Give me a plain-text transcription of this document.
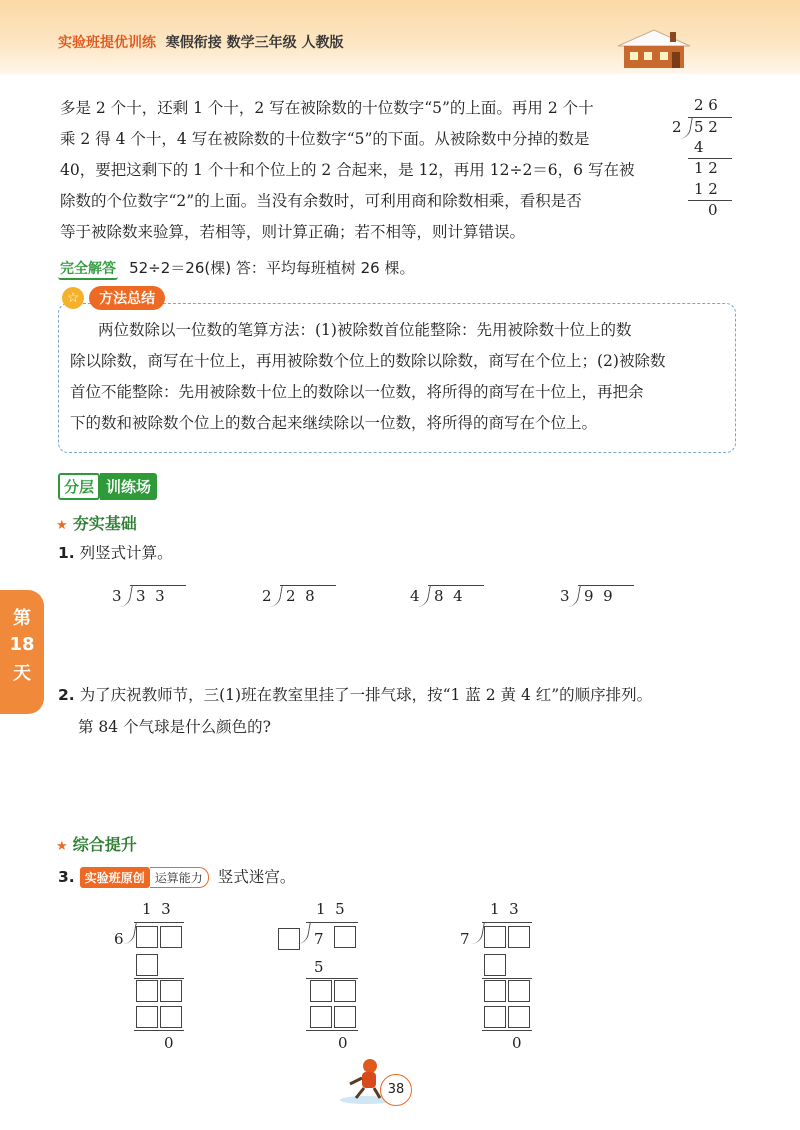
实验班提优训练 寒假衔接 数学三年级 人教版
多是 2 个十，还剩 1 个十，2 写在被除数的十位数字“5”的上面。再用 2 个十
乘 2 得 4 个十，4 写在被除数的十位数字“5”的下面。从被除数中分掉的数是
40，要把这剩下的 1 个十和个位上的 2 合起来，是 12，再用 12÷2＝6，6 写在被
除数的个位数字“2”的上面。当没有余数时，可利用商和除数相乘，看积是否
等于被除数来验算，若相等，则计算正确；若不相等，则计算错误。
2 6
2 5 2
4
1 2
1 2
0
完全解答 52÷2＝26(棵) 答：平均每班植树 26 棵。
☆ 方法总结
两位数除以一位数的笔算方法：(1)被除数首位能整除：先用被除数十位上的数
除以除数，商写在十位上，再用被除数个位上的数除以除数，商写在个位上；(2)被除数
首位不能整除：先用被除数十位上的数除以一位数，将所得的商写在十位上，再把余
下的数和被除数个位上的数合起来继续除以一位数，将所得的商写在个位上。
分层 训练场
★ 夯实基础
1. 列竖式计算。
3 3  3	2 2  8	4 8  4	3 9  9
第
18
天
2. 为了庆祝教师节，三(1)班在教室里挂了一排气球，按“1 蓝 2 黄 4 红”的顺序排列。
第 84 个气球是什么颜色的?
★ 综合提升
3. 实验班原创 运算能力 竖式迷宫。
1  3
6
0
1  5
7
5
0
1  3
7
0
38
